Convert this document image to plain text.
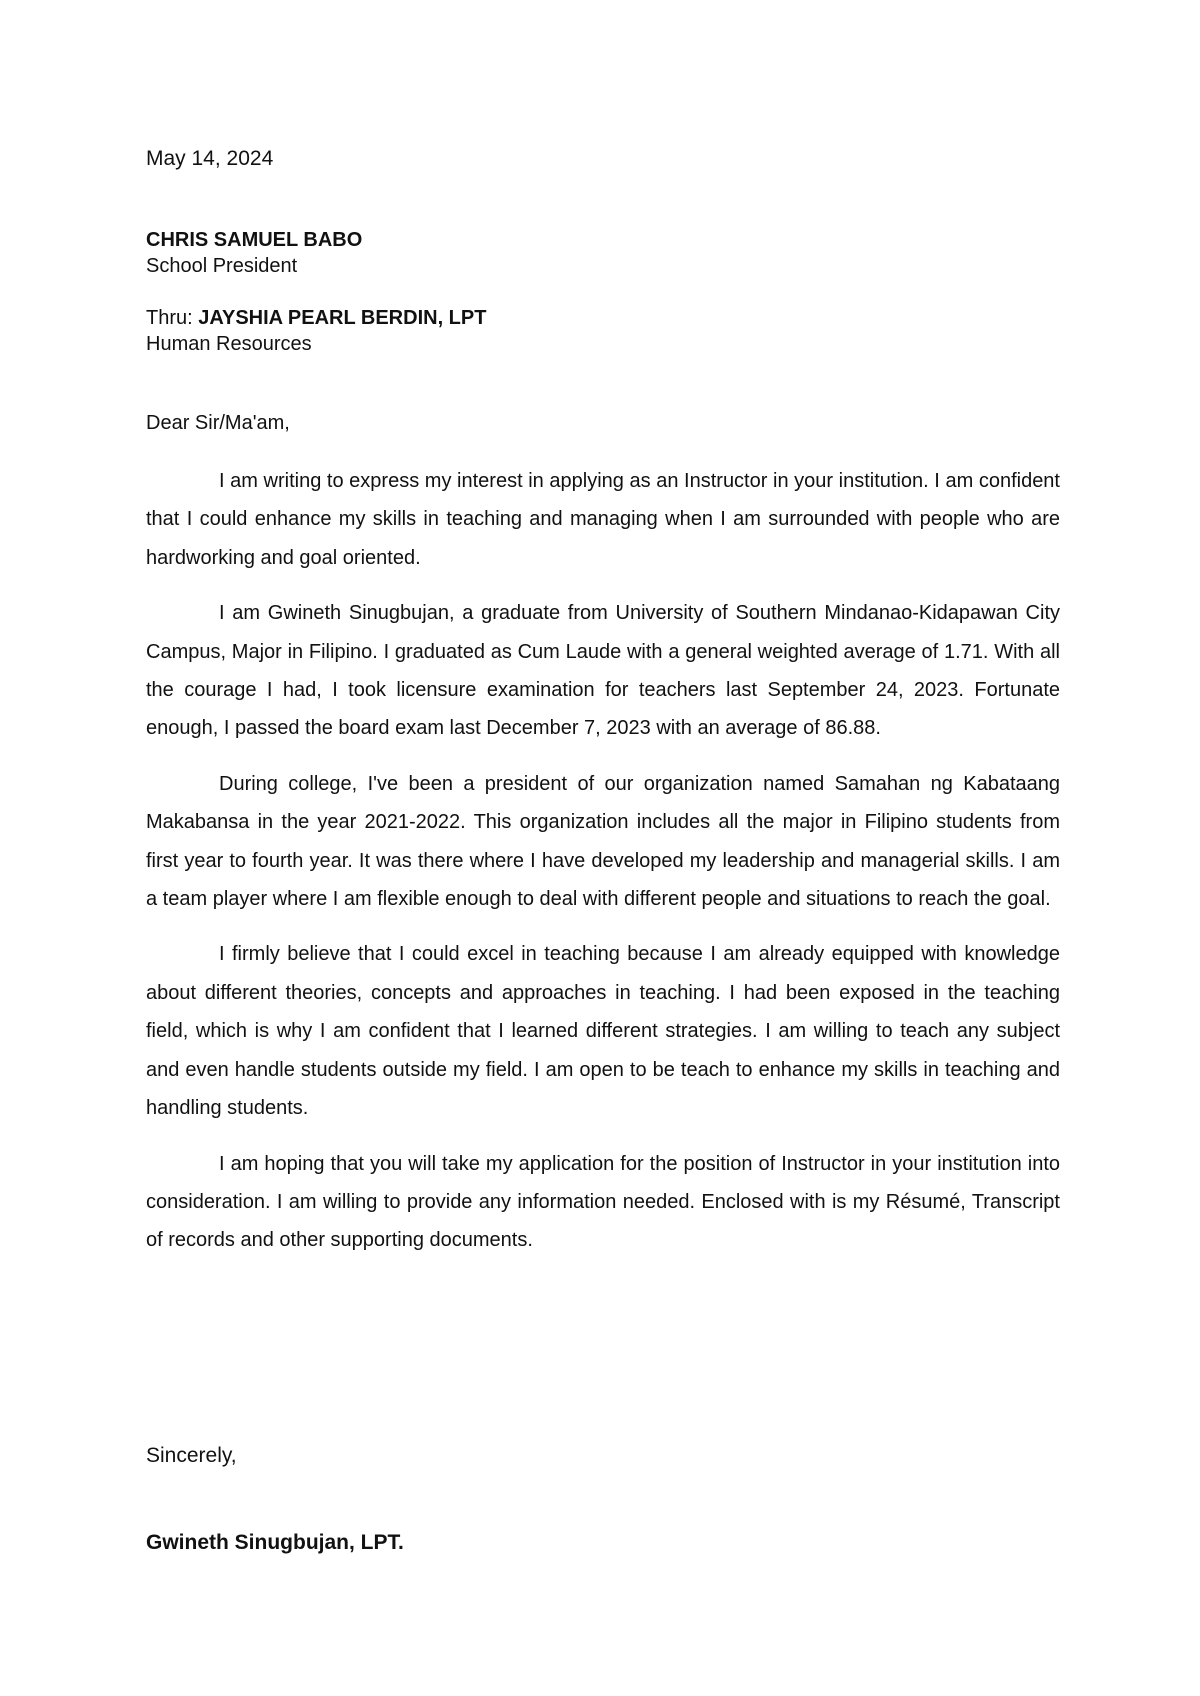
May 14, 2024
CHRIS SAMUEL BABO
School President
Thru: JAYSHIA PEARL BERDIN, LPT
Human Resources
Dear Sir/Ma'am,

I am writing to express my interest in applying as an Instructor in your institution. I am confident that I could enhance my skills in teaching and managing when I am surrounded with people who are hardworking and goal oriented.

I am Gwineth Sinugbujan, a graduate from University of Southern Mindanao-Kidapawan City Campus, Major in Filipino. I graduated as Cum Laude with a general weighted average of 1.71. With all the courage I had, I took licensure examination for teachers last September 24, 2023. Fortunate enough, I passed the board exam last December 7, 2023 with an average of 86.88.

During college, I've been a president of our organization named Samahan ng Kabataang Makabansa in the year 2021-2022. This organization includes all the major in Filipino students from first year to fourth year. It was there where I have developed my leadership and managerial skills. I am a team player where I am flexible enough to deal with different people and situations to reach the goal.

I firmly believe that I could excel in teaching because I am already equipped with knowledge about different theories, concepts and approaches in teaching. I had been exposed in the teaching field, which is why I am confident that I learned different strategies. I am willing to teach any subject and even handle students outside my field. I am open to be teach to enhance my skills in teaching and handling students.

I am hoping that you will take my application for the position of Instructor in your institution into consideration. I am willing to provide any information needed. Enclosed with is my Résumé, Transcript of records and other supporting documents.

Sincerely,
Gwineth Sinugbujan, LPT.
